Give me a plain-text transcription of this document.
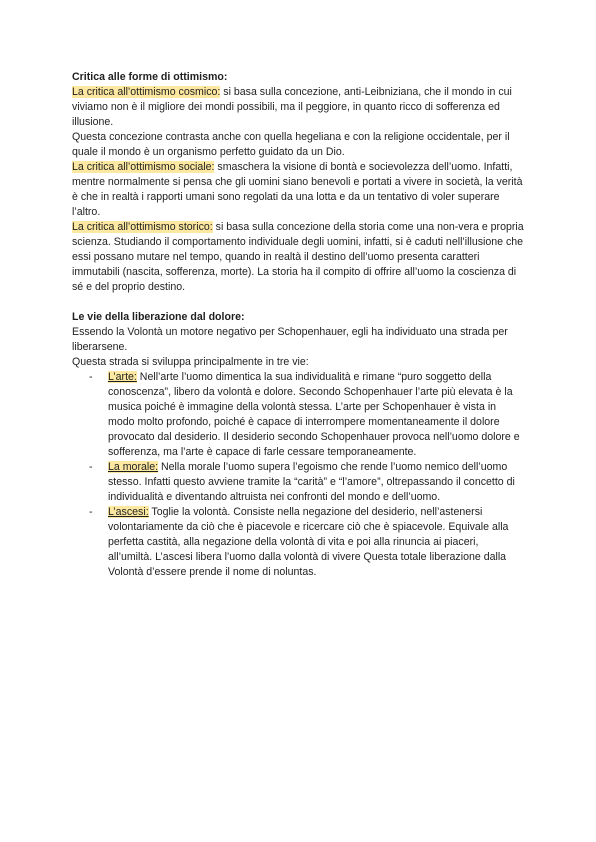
Critica alle forme di ottimismo:

La critica all’ottimismo cosmico: si basa sulla concezione, anti-Leibniziana, che il mondo in cui viviamo non è il migliore dei mondi possibili, ma il peggiore, in quanto ricco di sofferenza ed illusione.

Questa concezione contrasta anche con quella hegeliana e con la religione occidentale, per il quale il mondo è un organismo perfetto guidato da un Dio.

La critica all’ottimismo sociale: smaschera la visione di bontà e socievolezza dell’uomo. Infatti, mentre normalmente si pensa che gli uomini siano benevoli e portati a vivere in società, la verità è che in realtà i rapporti umani sono regolati da una lotta e da un tentativo di voler superare l’altro.

La critica all’ottimismo storico: si basa sulla concezione della storia come una non-vera e propria scienza. Studiando il comportamento individuale degli uomini, infatti, si è caduti nell’illusione che essi possano mutare nel tempo, quando in realtà il destino dell’uomo presenta caratteri immutabili (nascita, sofferenza, morte). La storia ha il compito di offrire all’uomo la coscienza di sé e del proprio destino.

Le vie della liberazione dal dolore:

Essendo la Volontà un motore negativo per Schopenhauer, egli ha individuato una strada per liberarsene.

Questa strada si sviluppa principalmente in tre vie:

- L’arte: Nell’arte l’uomo dimentica la sua individualità e rimane “puro soggetto della conoscenza”, libero da volontà e dolore. Secondo Schopenhauer l’arte più elevata è la musica poiché è immagine della volontà stessa. L’arte per Schopenhauer è vista in modo molto profondo, poiché è capace di interrompere momentaneamente il dolore provocato dal desiderio. Il desiderio secondo Schopenhauer provoca nell’uomo dolore e sofferenza, ma l’arte è capace di farle cessare temporaneamente.
- La morale: Nella morale l’uomo supera l’egoismo che rende l’uomo nemico dell’uomo stesso. Infatti questo avviene tramite la “carità” e “l’amore”, oltrepassando il concetto di individualità e diventando altruista nei confronti del mondo e dell’uomo.
- L’ascesi: Toglie la volontà. Consiste nella negazione del desiderio, nell’astenersi volontariamente da ciò che è piacevole e ricercare ciò che è spiacevole. Equivale alla perfetta castità, alla negazione della volontà di vita e poi alla rinuncia ai piaceri, all’umiltà. L’ascesi libera l’uomo dalla volontà di vivere Questa totale liberazione dalla Volontà d’essere prende il nome di noluntas.
